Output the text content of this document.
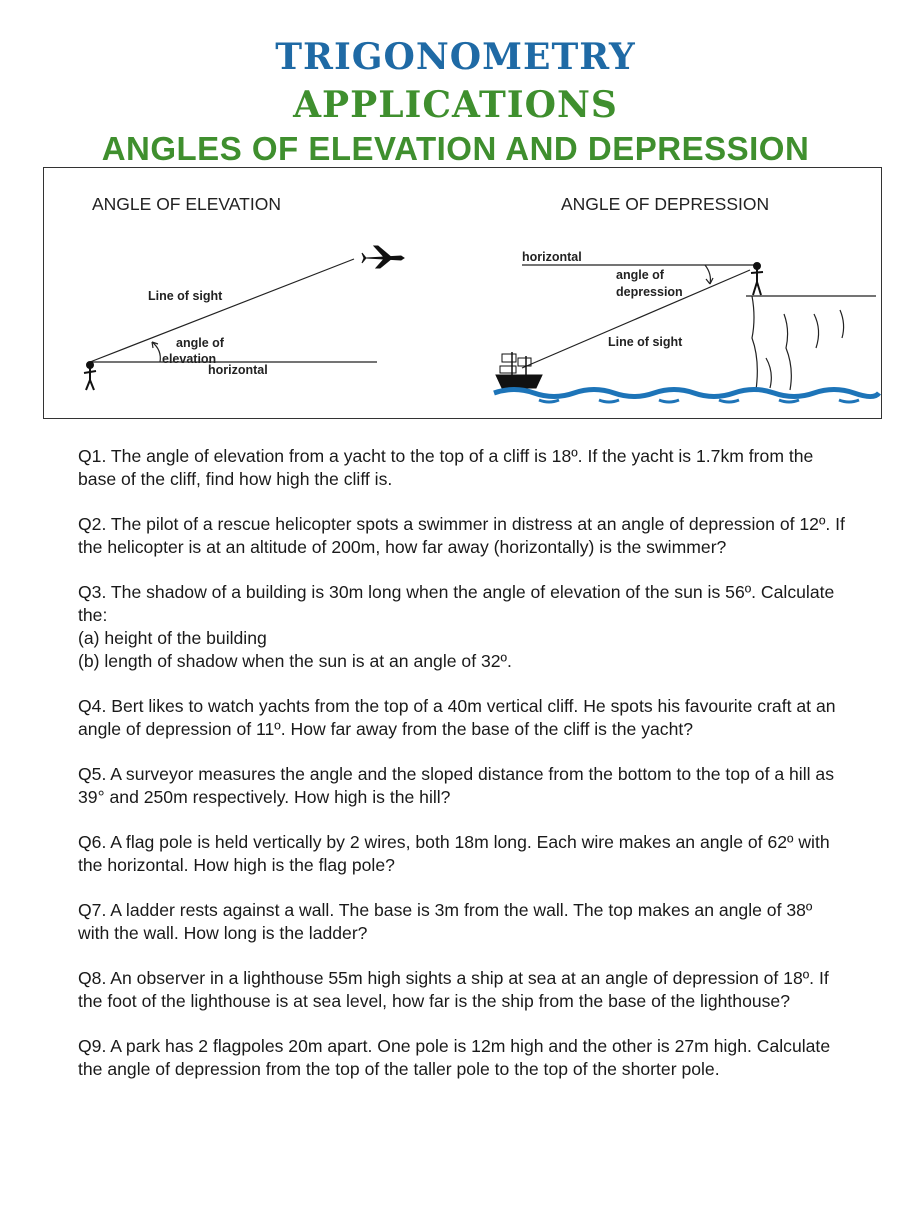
TRIGONOMETRY
APPLICATIONS
ANGLES OF ELEVATION AND DEPRESSION
ANGLE OF ELEVATION
Line of sight
angle of
elevation
horizontal
ANGLE OF DEPRESSION
horizontal
angle of
depression
Line of sight

Q1. The angle of elevation from a yacht to the top of a cliff is 18º. If the yacht is 1.7km from the base of the cliff, find how high the cliff is.

Q2. The pilot of a rescue helicopter spots a swimmer in distress at an angle of depression of 12º. If the helicopter is at an altitude of 200m, how far away (horizontally) is the swimmer?

Q3. The shadow of a building is 30m long when the angle of elevation of the sun is 56º. Calculate the:

(a) height of the building

(b) length of shadow when the sun is at an angle of 32º.

Q4. Bert likes to watch yachts from the top of a 40m vertical cliff. He spots his favourite craft at an angle of depression of 11º. How far away from the base of the cliff is the yacht?

Q5. A surveyor measures the angle and the sloped distance from the bottom to the top of a hill as 39° and 250m respectively. How high is the hill?

Q6. A flag pole is held vertically by 2 wires, both 18m long. Each wire makes an angle of 62º with the horizontal. How high is the flag pole?

Q7. A ladder rests against a wall. The base is 3m from the wall. The top makes an angle of 38º with the wall. How long is the ladder?

Q8. An observer in a lighthouse 55m high sights a ship at sea at an angle of depression of 18º. If the foot of the lighthouse is at sea level, how far is the ship from the base of the lighthouse?

Q9. A park has 2 flagpoles 20m apart. One pole is 12m high and the other is 27m high. Calculate the angle of depression from the top of the taller pole to the top of the shorter pole.
